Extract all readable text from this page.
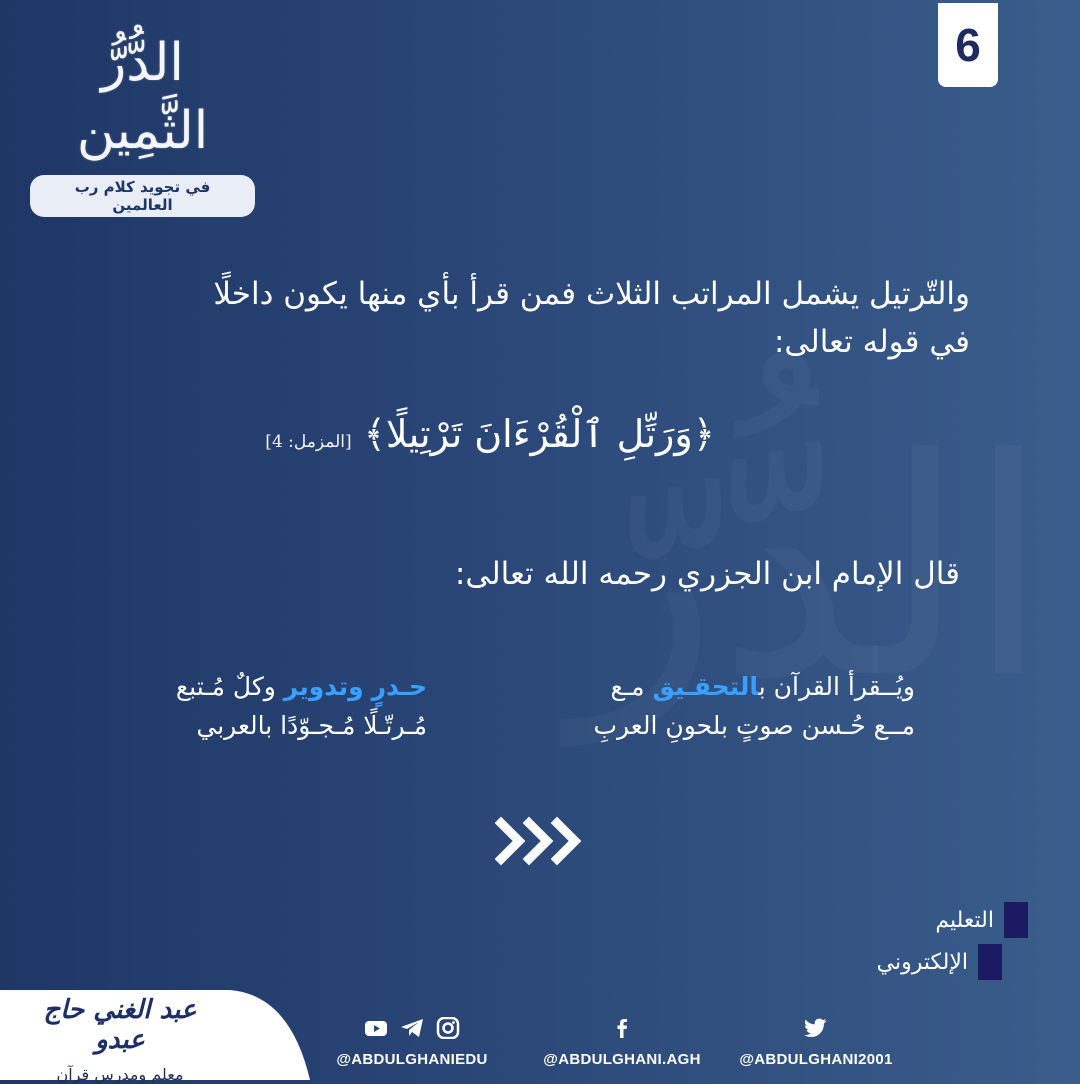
الدُّرُّ الثَّمِين
في تجويد كلام رب العالمين
6
والتّرتيل يشمل المراتب الثلاث فمن قرأ بأي منها يكون داخلًا في قوله تعالى:
﴿وَرَتِّلِ ٱلْقُرْءَانَ تَرْتِيلًا﴾
[المزمل: 4]
قال الإمام ابن الجزري رحمه الله تعالى:
ويُــقرأ القرآن بالتحقـيق مـع
مــع حُـسن صوتٍ بلحونِ العربِ
حـدرٍ وتدوير وكلٌ مُـتبع
مُـرتّـلًا مُـجـوّدًا بالعربي
التعليم
الإلكتروني
عبد الغني حاج عبدو
معلم ومدرس قرآن
@ABDULGHANIEDU	@ABDULGHANI.AGH	@ABDULGHANI2001
